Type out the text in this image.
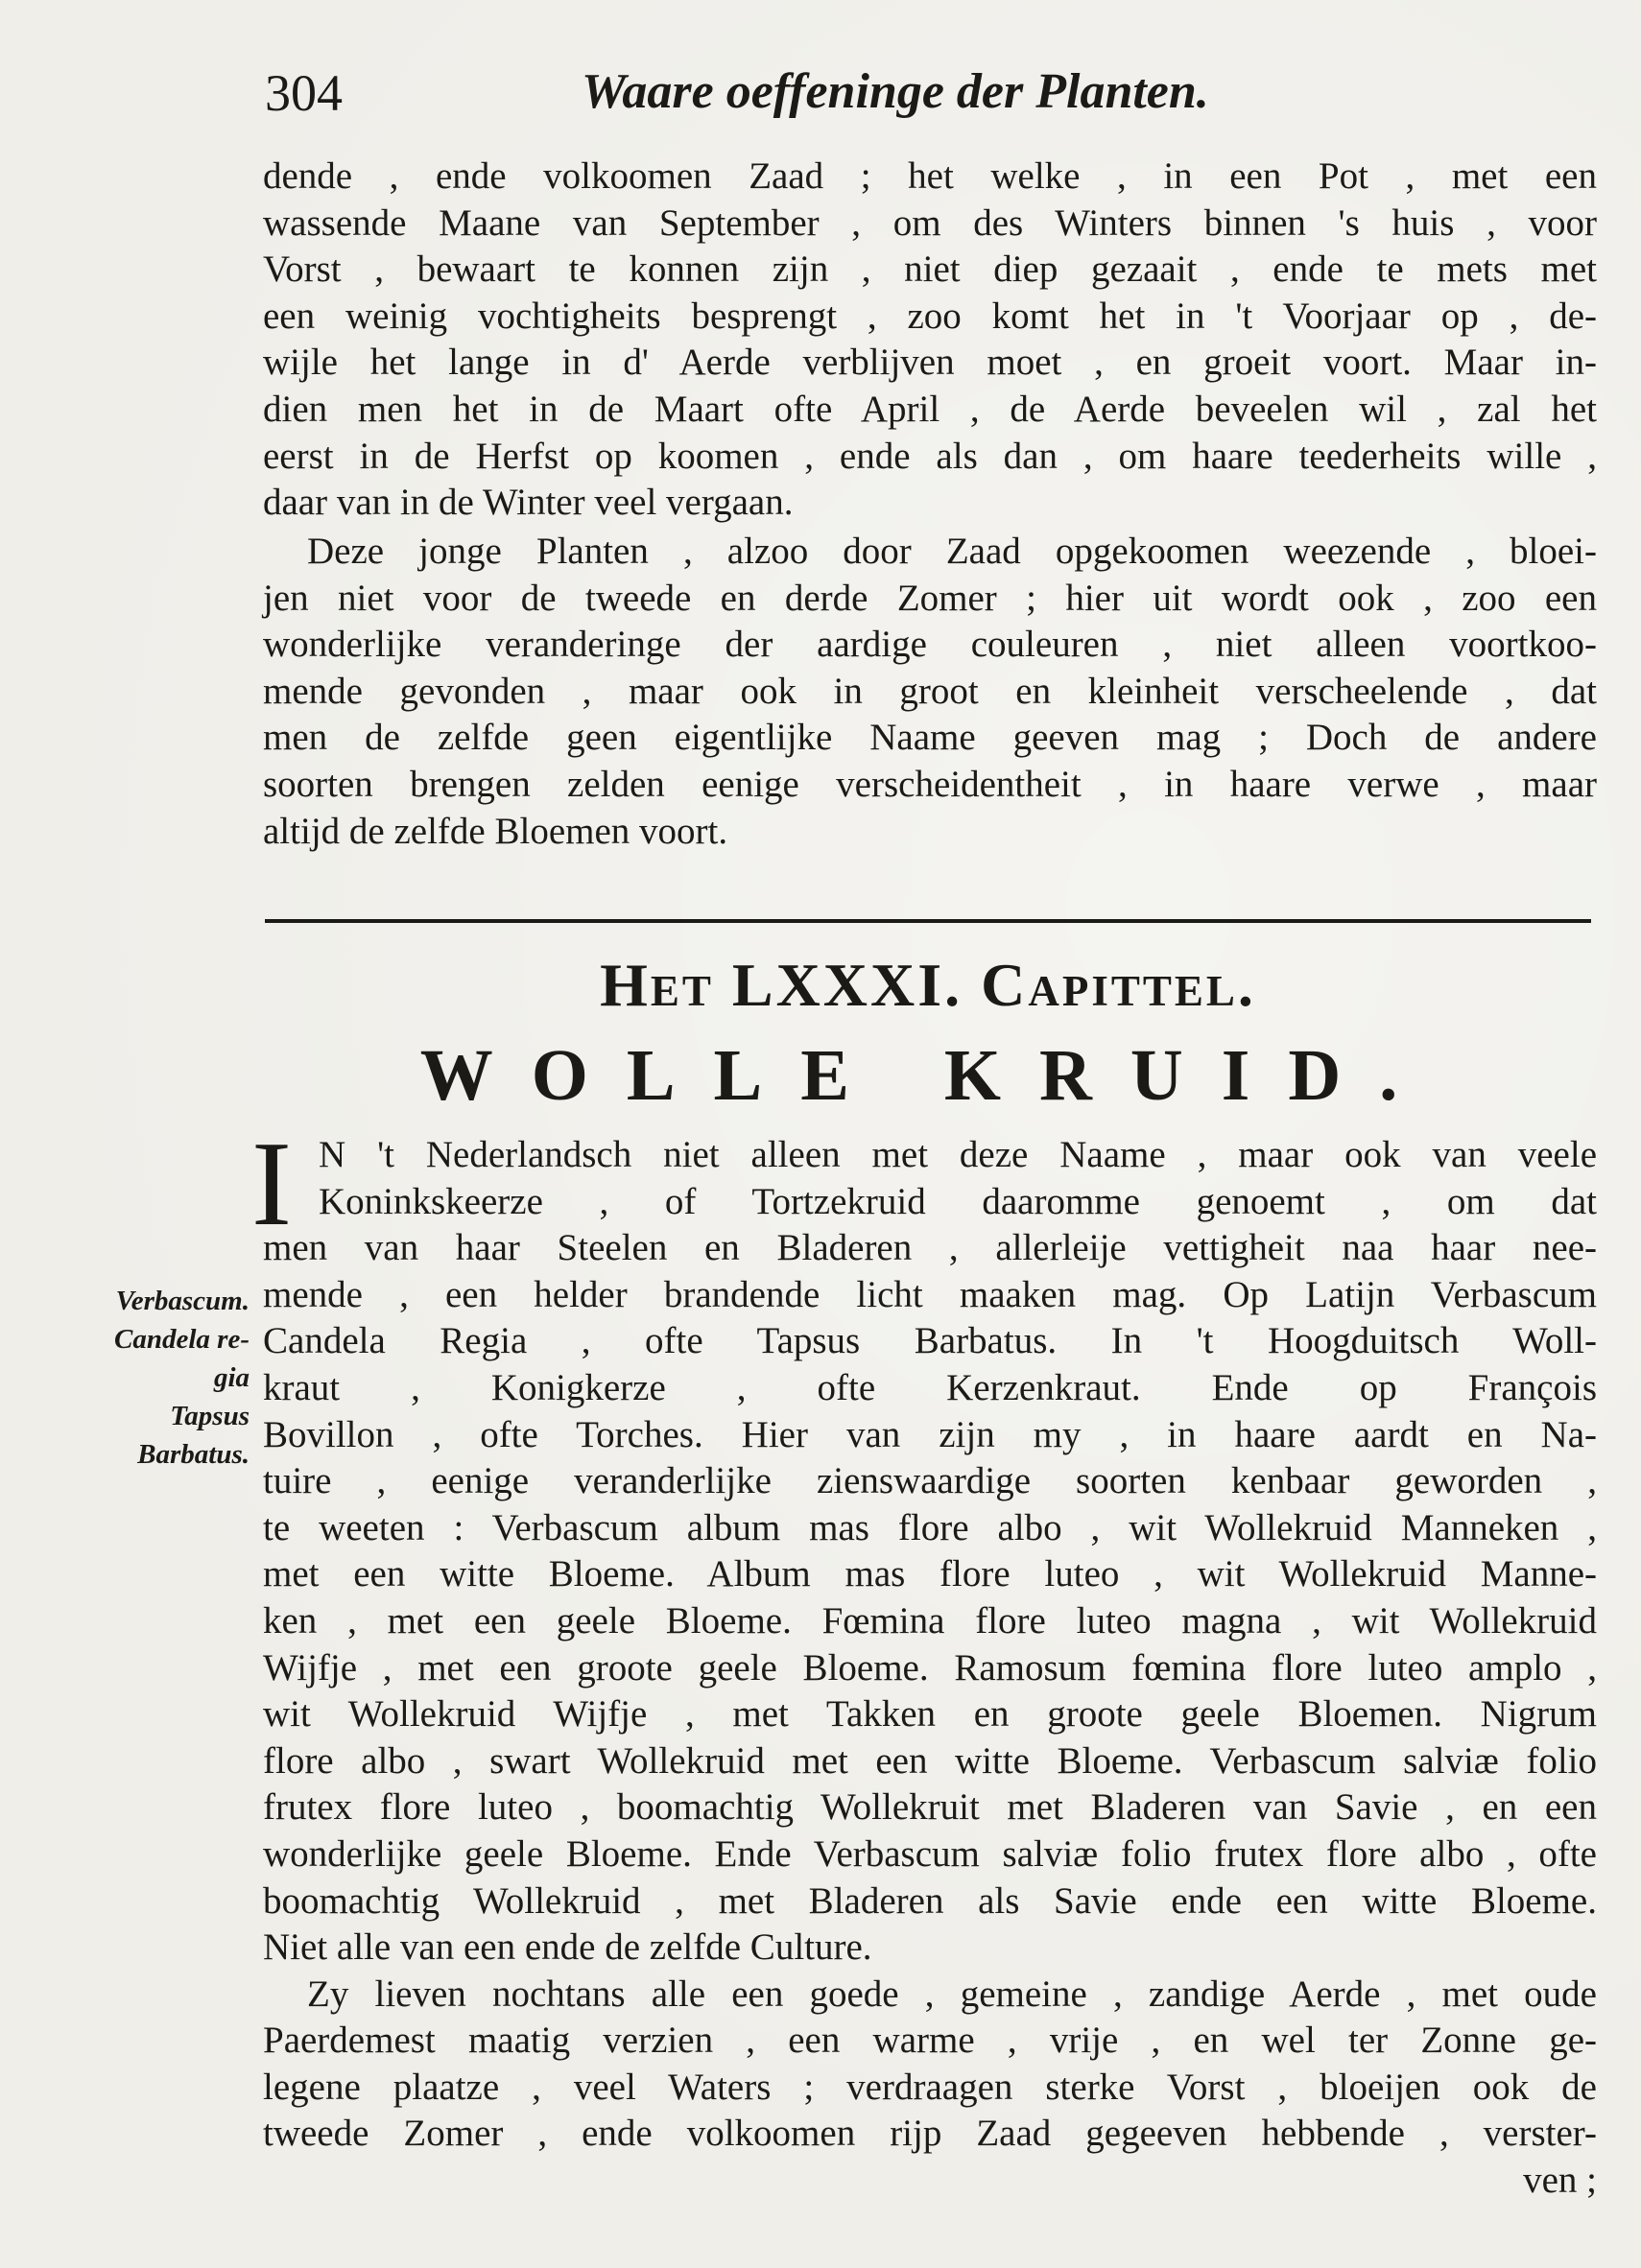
304	Waare oeffeninge der Planten.
dende , ende volkoomen Zaad ; het welke , in een Pot , met een
wassende Maane van September , om des Winters binnen 's huis , voor
Vorst , bewaart te konnen zijn , niet diep gezaait , ende te mets met
een weinig vochtigheits besprengt , zoo komt het in 't Voorjaar op , de-
wijle het lange in d' Aerde verblijven moet , en groeit voort. Maar in-
dien men het in de Maart ofte April , de Aerde beveelen wil , zal het
eerst in de Herfst op koomen , ende als dan , om haare teederheits wille ,
daar van in de Winter veel vergaan.
Deze jonge Planten , alzoo door Zaad opgekoomen weezende , bloei-
jen niet voor de tweede en derde Zomer ; hier uit wordt ook , zoo een
wonderlijke veranderinge der aardige couleuren , niet alleen voortkoo-
mende gevonden , maar ook in groot en kleinheit verscheelende , dat
men de zelfde geen eigentlijke Naame geeven mag ; Doch de andere
soorten brengen zelden eenige verscheidentheit , in haare verwe , maar
altijd de zelfde Bloemen voort.
Het LXXXI. Capittel.
WOLLE KRUID.
I N 't Nederlandsch niet alleen met deze Naame , maar ook van veele
Koninkskeerze , of Tortzekruid daaromme genoemt , om dat
men van haar Steelen en Bladeren , allerleije vettigheit naa haar nee-
mende , een helder brandende licht maaken mag. Op Latijn Verbascum
Candela Regia , ofte Tapsus Barbatus. In 't Hoogduitsch Woll-
kraut , Konigkerze , ofte Kerzenkraut. Ende op François
Bovillon , ofte Torches. Hier van zijn my , in haare aardt en Na-
tuire , eenige veranderlijke zienswaardige soorten kenbaar geworden ,
te weeten : Verbascum album mas flore albo , wit Wollekruid Manneken ,
met een witte Bloeme. Album mas flore luteo , wit Wollekruid Manne-
ken , met een geele Bloeme. Fœmina flore luteo magna , wit Wollekruid
Wijfje , met een groote geele Bloeme. Ramosum fœmina flore luteo amplo ,
wit Wollekruid Wijfje , met Takken en groote geele Bloemen. Nigrum
flore albo , swart Wollekruid met een witte Bloeme. Verbascum salviæ folio
frutex flore luteo , boomachtig Wollekruit met Bladeren van Savie , en een
wonderlijke geele Bloeme. Ende Verbascum salviæ folio frutex flore albo , ofte
boomachtig Wollekruid , met Bladeren als Savie ende een witte Bloeme.
Niet alle van een ende de zelfde Culture.
Zy lieven nochtans alle een goede , gemeine , zandige Aerde , met oude
Paerdemest maatig verzien , een warme , vrije , en wel ter Zonne ge-
legene plaatze , veel Waters ; verdraagen sterke Vorst , bloeijen ook de
tweede Zomer , ende volkoomen rijp Zaad gegeeven hebbende , verster-
ven ;
Verbascum.
Candela re-
gia
Tapsus
Barbatus.
